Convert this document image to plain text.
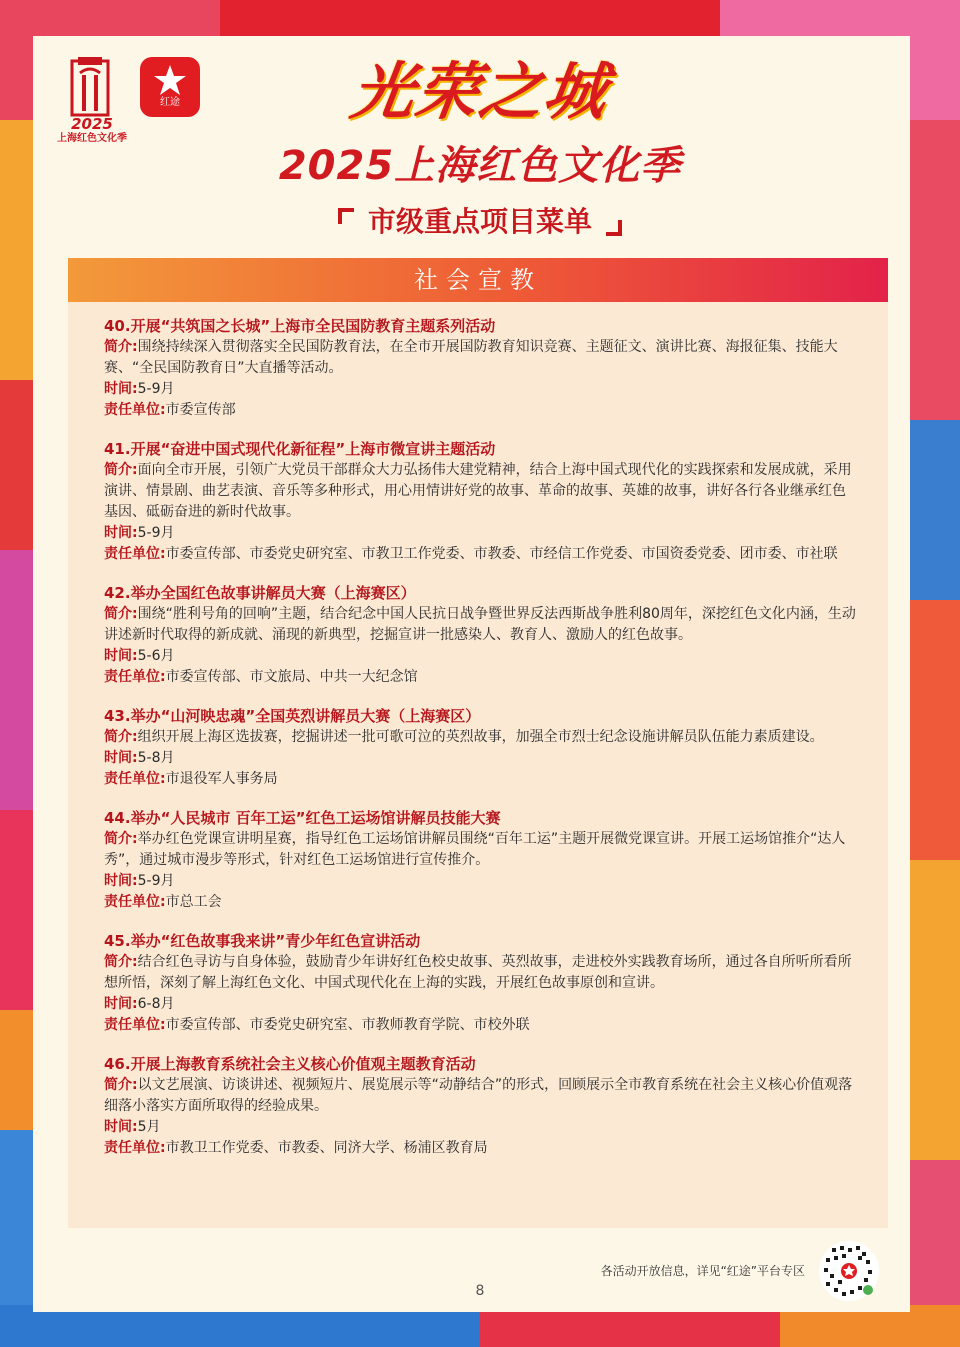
2025
上海红色文化季
红途	光荣之城
2025上海红色文化季
市级重点项目菜单
社会宣教
40.开展“共筑国之长城”上海市全民国防教育主题系列活动
简介:围绕持续深入贯彻落实全民国防教育法，在全市开展国防教育知识竞赛、主题征文、演讲比赛、海报征集、技能大赛、“全民国防教育日”大直播等活动。
时间:5-9月
责任单位:市委宣传部
41.开展“奋进中国式现代化新征程”上海市微宣讲主题活动
简介:面向全市开展，引领广大党员干部群众大力弘扬伟大建党精神，结合上海中国式现代化的实践探索和发展成就，采用演讲、情景剧、曲艺表演、音乐等多种形式，用心用情讲好党的故事、革命的故事、英雄的故事，讲好各行各业继承红色基因、砥砺奋进的新时代故事。
时间:5-9月
责任单位:市委宣传部、市委党史研究室、市教卫工作党委、市教委、市经信工作党委、市国资委党委、团市委、市社联
42.举办全国红色故事讲解员大赛（上海赛区）
简介:围绕“胜利号角的回响”主题，结合纪念中国人民抗日战争暨世界反法西斯战争胜利80周年，深挖红色文化内涵，生动讲述新时代取得的新成就、涌现的新典型，挖掘宣讲一批感染人、教育人、激励人的红色故事。
时间:5-6月
责任单位:市委宣传部、市文旅局、中共一大纪念馆
43.举办“山河映忠魂”全国英烈讲解员大赛（上海赛区）
简介:组织开展上海区选拔赛，挖掘讲述一批可歌可泣的英烈故事，加强全市烈士纪念设施讲解员队伍能力素质建设。
时间:5-8月
责任单位:市退役军人事务局
44.举办“人民城市 百年工运”红色工运场馆讲解员技能大赛
简介:举办红色党课宣讲明星赛，指导红色工运场馆讲解员围绕“百年工运”主题开展微党课宣讲。开展工运场馆推介“达人秀”，通过城市漫步等形式，针对红色工运场馆进行宣传推介。
时间:5-9月
责任单位:市总工会
45.举办“红色故事我来讲”青少年红色宣讲活动
简介:结合红色寻访与自身体验，鼓励青少年讲好红色校史故事、英烈故事，走进校外实践教育场所，通过各自所听所看所想所悟，深刻了解上海红色文化、中国式现代化在上海的实践，开展红色故事原创和宣讲。
时间:6-8月
责任单位:市委宣传部、市委党史研究室、市教师教育学院、市校外联
46.开展上海教育系统社会主义核心价值观主题教育活动
简介:以文艺展演、访谈讲述、视频短片、展览展示等“动静结合”的形式，回顾展示全市教育系统在社会主义核心价值观落细落小落实方面所取得的经验成果。
时间:5月
责任单位:市教卫工作党委、市教委、同济大学、杨浦区教育局
各活动开放信息，详见“红途”平台专区
8
